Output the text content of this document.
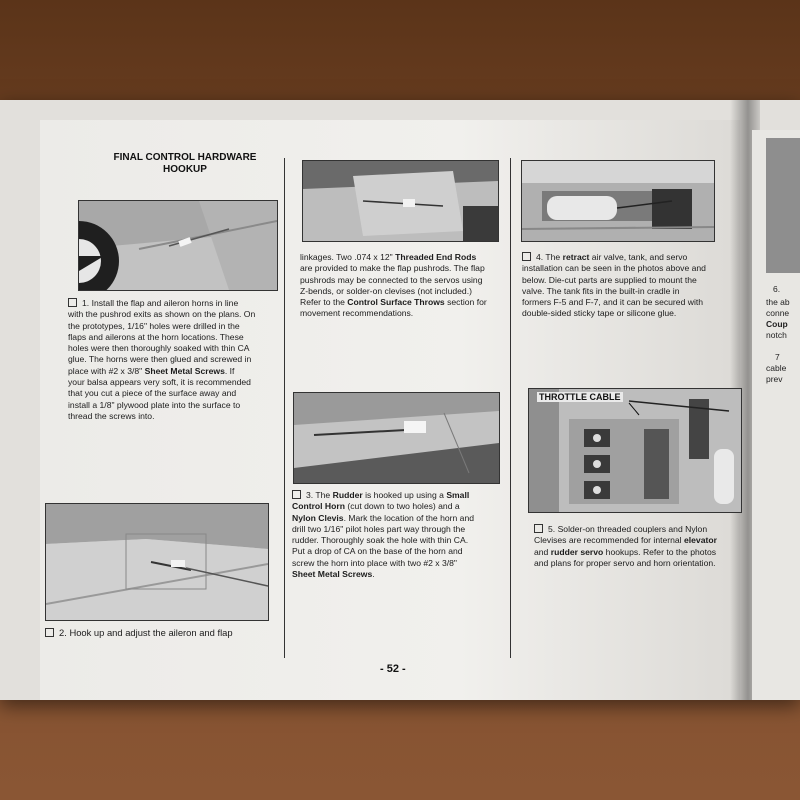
6.
the ab
conne
Coup
notch
7
cable
prev
FINAL CONTROL HARDWARE
HOOKUP
1. Install the flap and aileron horns in line
with the pushrod exits as shown on the plans. On
the prototypes, 1/16" holes were drilled in the
flaps and ailerons at the horn locations. These
holes were then thoroughly soaked with thin CA
glue. The horns were then glued and screwed in
place with #2 x 3/8" Sheet Metal Screws. If
your balsa appears very soft, it is recommended
that you cut a piece of the surface away and
install a 1/8" plywood plate into the surface to
thread the screws into.
2. Hook up and adjust the aileron and flap
linkages. Two .074 x 12" Threaded End Rods
are provided to make the flap pushrods. The flap
pushrods may be connected to the servos using
Z-bends, or solder-on clevises (not included.)
Refer to the Control Surface Throws section for
movement recommendations.
3. The Rudder is hooked up using a Small
Control Horn (cut down to two holes) and a
Nylon Clevis. Mark the location of the horn and
drill two 1/16" pilot holes part way through the
rudder. Thoroughly soak the hole with thin CA.
Put a drop of CA on the base of the horn and
screw the horn into place with two #2 x 3/8"
Sheet Metal Screws.
4. The retract air valve, tank, and servo
installation can be seen in the photos above and
below. Die-cut parts are supplied to mount the
valve. The tank fits in the built-in cradle in
formers F-5 and F-7, and it can be secured with
double-sided sticky tape or silicone glue.
THROTTLE CABLE
5. Solder-on threaded couplers and Nylon
Clevises are recommended for internal elevator
and rudder servo hookups. Refer to the photos
and plans for proper servo and horn orientation.
- 52 -
